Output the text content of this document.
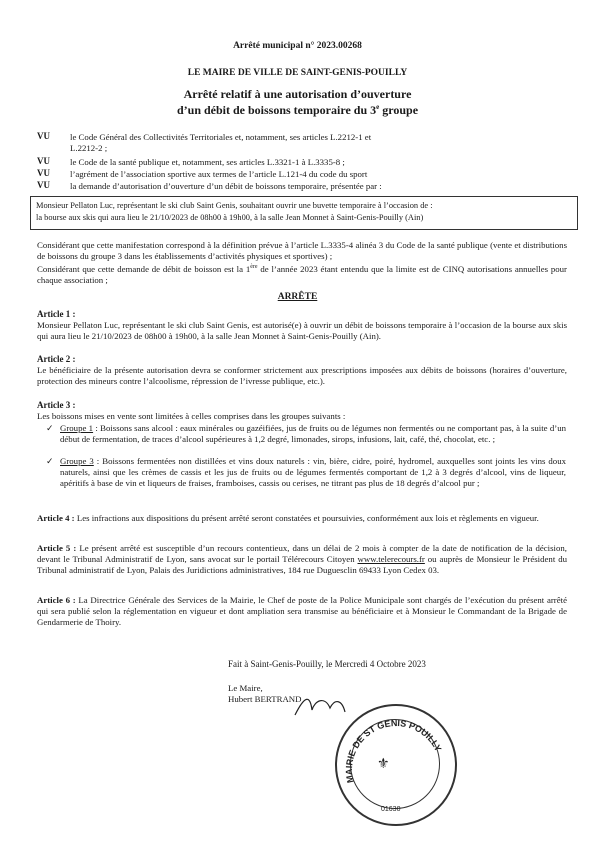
Arrêté municipal n° 2023.00268
LE MAIRE DE VILLE DE SAINT-GENIS-POUILLY
Arrêté relatif à une autorisation d’ouverture
d’un débit de boissons temporaire du 3e groupe
VU le Code Général des Collectivités Territoriales et, notamment, ses articles L.2212-1 et
L.2212-2 ;
VU le Code de la santé publique et, notamment, ses articles L.3321-1 à L.3335-8 ;
VU l’agrément de l’association sportive aux termes de l’article L.121-4 du code du sport
VU la demande d’autorisation d’ouverture d’un débit de boissons temporaire, présentée par :
Monsieur Pellaton Luc, représentant le ski club Saint Genis, souhaitant ouvrir une buvette temporaire à l’occasion de :
la bourse aux skis qui aura lieu le 21/10/2023 de 08h00 à 19h00, à la salle Jean Monnet à Saint-Genis-Pouilly (Ain)
Considérant que cette manifestation correspond à la définition prévue à l’article L.3335-4 alinéa 3 du Code de la santé publique (vente et distributions de boissons du groupe 3 dans les établissements d’activités physiques et sportives) ;
Considérant que cette demande de débit de boisson est la 1ère de l’année 2023 étant entendu que la limite est de CINQ autorisations annuelles pour chaque association ;
ARRÊTE
Article 1 :
Monsieur Pellaton Luc, représentant le ski club Saint Genis, est autorisé(e) à ouvrir un débit de boissons temporaire à l’occasion de la bourse aux skis qui aura lieu le 21/10/2023 de 08h00 à 19h00, à la salle Jean Monnet à Saint-Genis-Pouilly (Ain).
Article 2 :
Le bénéficiaire de la présente autorisation devra se conformer strictement aux prescriptions imposées aux débits de boissons (horaires d’ouverture, protection des mineurs contre l’alcoolisme, répression de l’ivresse publique, etc.).
Article 3 :
Les boissons mises en vente sont limitées à celles comprises dans les groupes suivants :
✓ Groupe 1 : Boissons sans alcool : eaux minérales ou gazéifiées, jus de fruits ou de légumes non fermentés ou ne comportant pas, à la suite d’un début de fermentation, de traces d’alcool supérieures à 1,2 degré, limonades, sirops, infusions, lait, café, thé, chocolat, etc. ;
✓ Groupe 3 : Boissons fermentées non distillées et vins doux naturels : vin, bière, cidre, poiré, hydromel, auxquelles sont joints les vins doux naturels, ainsi que les crèmes de cassis et les jus de fruits ou de légumes fermentés comportant de 1,2 à 3 degrés d’alcool, vins de liqueur, apéritifs à base de vin et liqueurs de fraises, framboises, cassis ou cerises, ne titrant pas plus de 18 degrés d’alcool pur ;
Article 4 : Les infractions aux dispositions du présent arrêté seront constatées et poursuivies, conformément aux lois et règlements en vigueur.
Article 5 : Le présent arrêté est susceptible d’un recours contentieux, dans un délai de 2 mois à compter de la date de notification de la décision, devant le Tribunal Administratif de Lyon, sans avocat sur le portail Télérecours Citoyen www.telerecours.fr ou auprès de Monsieur le Président du Tribunal administratif de Lyon, Palais des Juridictions administratives, 184 rue Duguesclin 69433 Lyon Cedex 03.
Article 6 : La Directrice Générale des Services de la Mairie, le Chef de poste de la Police Municipale sont chargés de l’exécution du présent arrêté qui sera publié selon la réglementation en vigueur et dont ampliation sera transmise au bénéficiaire et à Monsieur le Commandant de la Brigade de Gendarmerie de Thoiry.
Fait à Saint-Genis-Pouilly, le Mercredi 4 Octobre 2023
Le Maire,
Hubert BERTRAND
MAIRIE DE ST GENIS POUILLY
01630
⚜
